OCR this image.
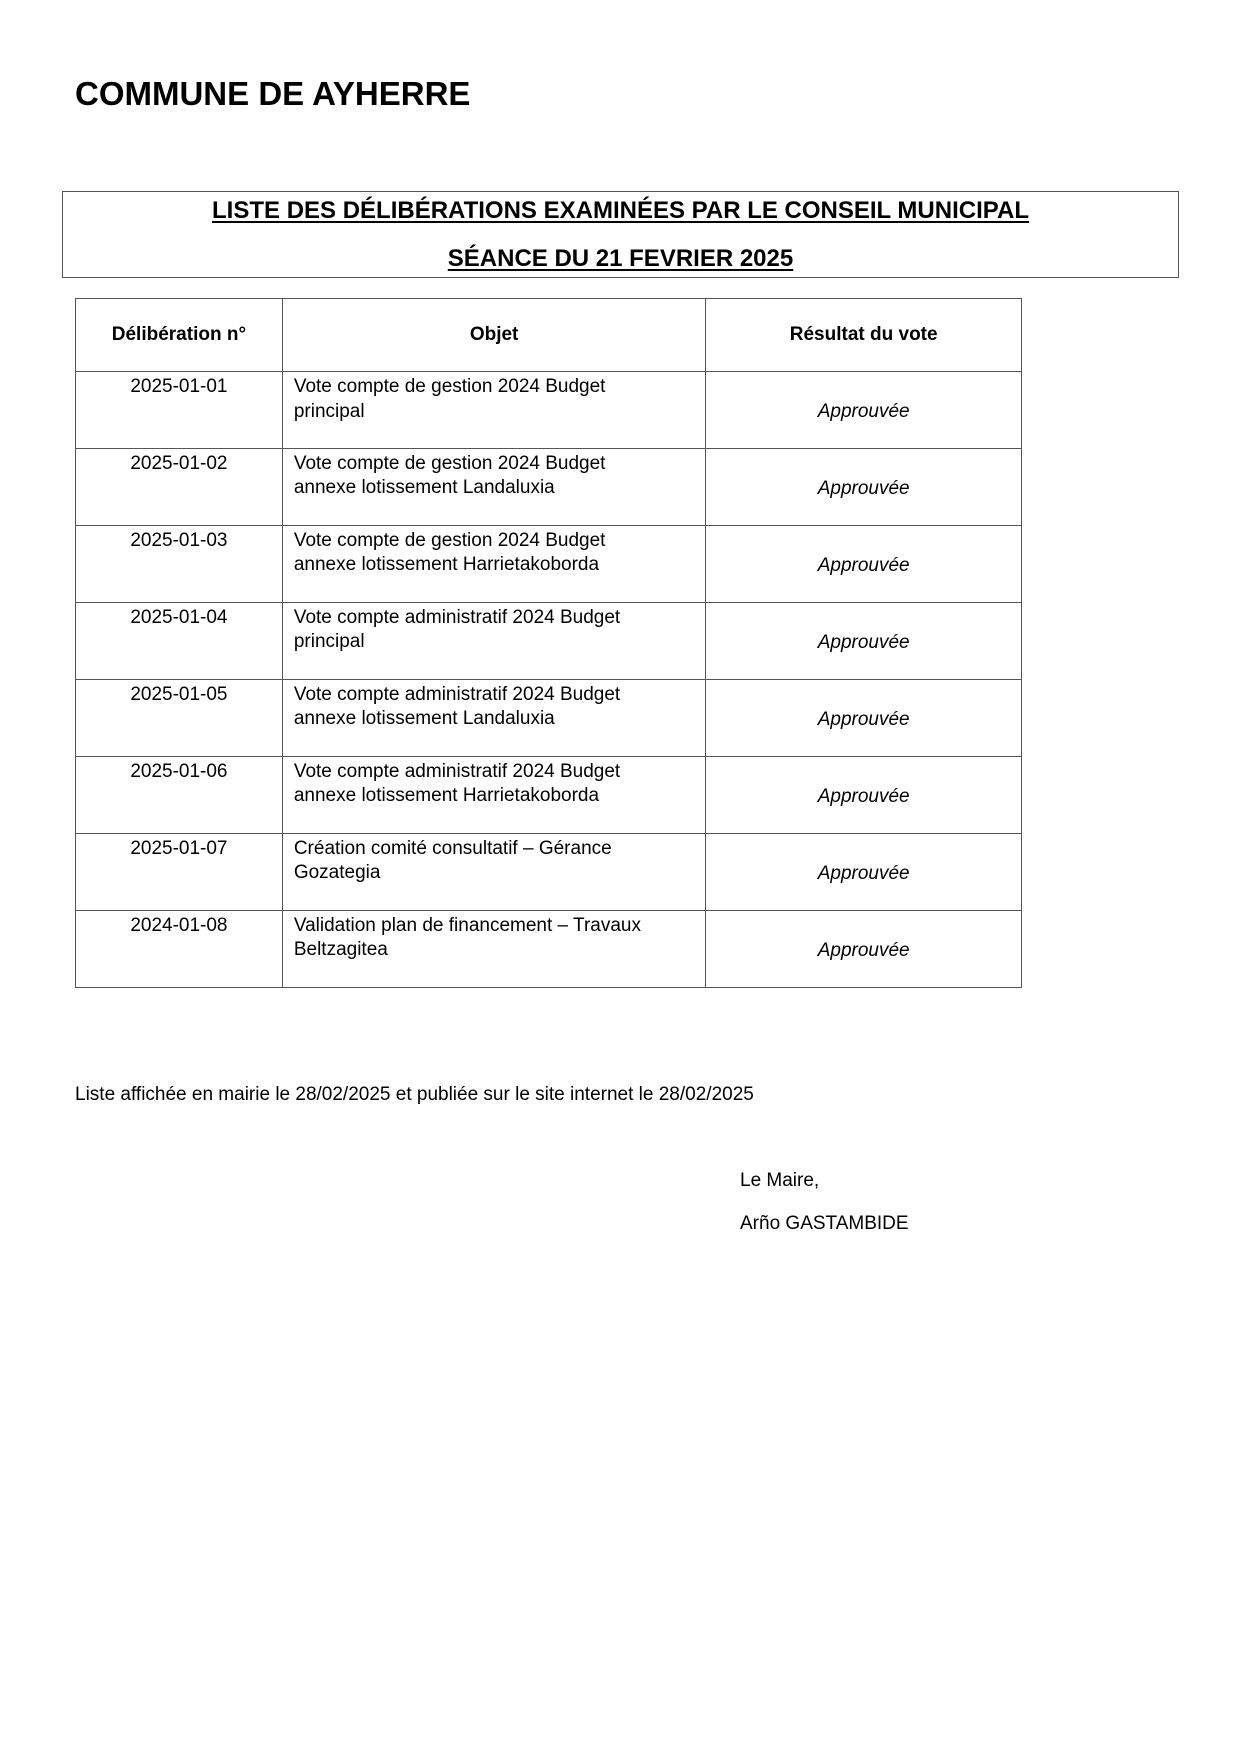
COMMUNE DE AYHERRE
LISTE DES DÉLIBÉRATIONS EXAMINÉES PAR LE CONSEIL MUNICIPAL
SÉANCE DU 21 FEVRIER 2025
Délibération n°	Objet	Résultat du vote
2025-01-01	Vote compte de gestion 2024 Budget
principal	Approuvée
2025-01-02	Vote compte de gestion 2024 Budget
annexe lotissement Landaluxia	Approuvée
2025-01-03	Vote compte de gestion 2024 Budget
annexe lotissement Harrietakoborda	Approuvée
2025-01-04	Vote compte administratif 2024 Budget
principal	Approuvée
2025-01-05	Vote compte administratif 2024 Budget
annexe lotissement Landaluxia	Approuvée
2025-01-06	Vote compte administratif 2024 Budget
annexe lotissement Harrietakoborda	Approuvée
2025-01-07	Création comité consultatif – Gérance
Gozategia	Approuvée
2024-01-08	Validation plan de financement – Travaux
Beltzagitea	Approuvée
Liste affichée en mairie le 28/02/2025 et publiée sur le site internet le 28/02/2025
Le Maire,
Arño GASTAMBIDE
